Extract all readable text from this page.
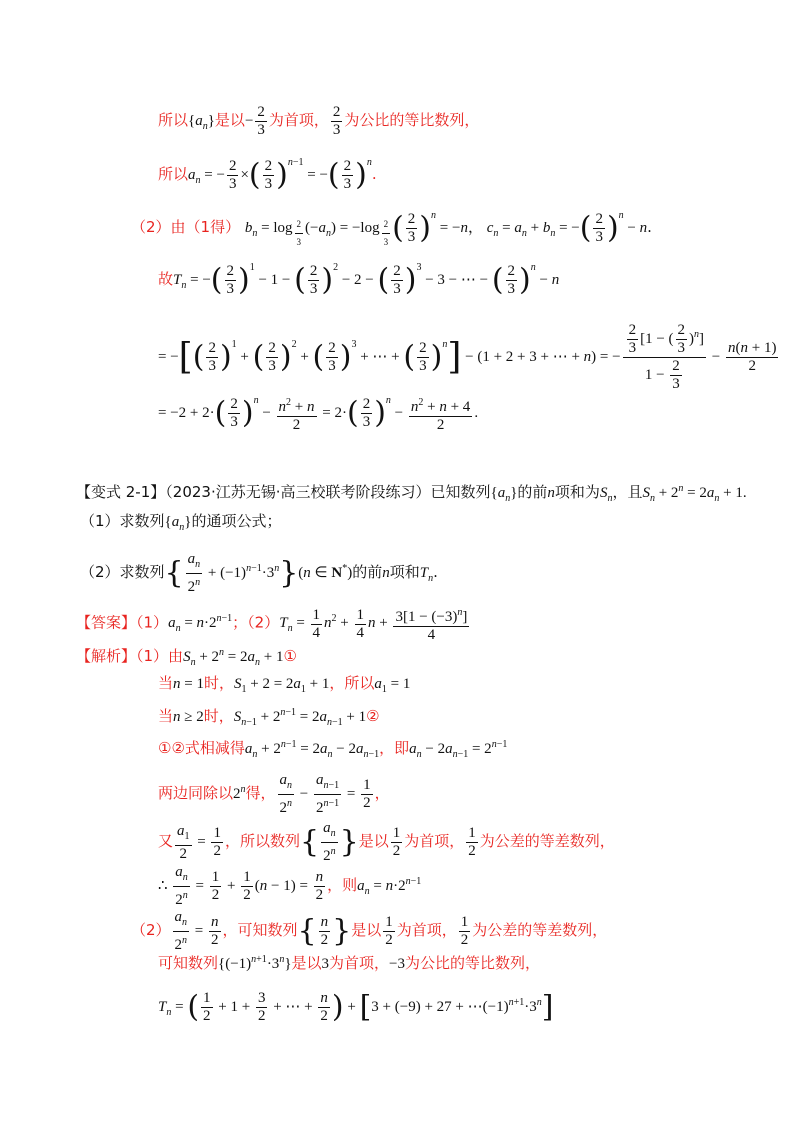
所以$\{a_n\}$是以− $\frac{2}{3}$ 为首项， $\frac{2}{3}$ 为公比的等比数列，
所以$a_n$ = − $\frac{2}{3}$ ×( $\frac{2}{3} )^{n-1}$ = −( $\frac{2}{3} )^n$.
（2）由（1得） $b_n = \log _{\frac{2}{3}}$ $(-a_n) = -\log$ $_{\frac{2}{3}}$ ( $\frac{2}{3} )^n = -n$， $c_n = a_n + b_n$ = −( $\frac{2}{3} )^n - n$.
故$T_n$ = −( $\frac{2}{3} )^1 - 1$ − ( $\frac{2}{3} )^2 - 2$ − ( $\frac{2}{3} )^3 - 3$ − ⋯ − ( $\frac{2}{3} )^n - n$
= −[( $\frac{2}{3} )^1$ + ( $\frac{2}{3} )^2$ + ( $\frac{2}{3} )^3$ + ⋯ + ( $\frac{2}{3} )^n] - (1 + 2 + 3$ + ⋯ + n) = − $\frac{\frac{2}{3} [1 - ( \frac{2}{3} )^n]}{1 - \frac{2}{3}} - \frac{n(n + 1)}{2}$
= $-2 + 2\cdot( \frac{2}{3} )^n - \frac{n^2 + n}{2} = 2\cdot( \frac{2}{3} )^n - \frac{n^2 + n + 4}{2}$ .
【变式 2-1】（2023·江苏无锡·高三校联考阶段练习）已知数列$\{a_n\}$的前n项和为$S_n$，且$S_n + 2^n = 2a_n + 1$.
（1）求数列$\{a_n\}$的通项公式；
（2）求数列{ $\frac{a_n}{2^n} + (-1)^{n-1}\cdot 3^n\}(n$ ∈ N*)的前n项和$T_n$.
【答案】$(1)a_n = n\cdot 2^{n-1}$；$(2)T_n = \frac{1}{4} n^2 + \frac{1}{4}$ $n + \frac{3[1 - (-3)^n]}{4}$
【解析】（1）由$S_n + 2^n = 2a_n$ + 1①
当n = 1时，$S_1 + 2 = 2a_1 + 1$，所以$a_1 = 1$
当n ≥ 2时，$S_{n-1} + 2^{n-1} = 2a_{n-1}$ + 1②
①②式相减得$a_n + 2^{n-1} = 2a_n - 2a_{n-1}$，即$a_n - 2a_{n-1} = 2^{n-1}$
两边同除以2$^n$得， $\frac{a_n}{2^n} - \frac{a_{n-1}}{2^{n-1}} = \frac{1}{2}$ ，
又 $\frac{a_1}{2} = \frac{1}{2}$ ，所以数列{ $\frac{a_n}{2^n}$ }是以 $\frac{1}{2}$ 为首项， $\frac{1}{2}$ 为公差的等差数列，
∴ $\frac{a_n}{2^n} = \frac{1}{2} + \frac{1}{2} (n - 1) = \frac{n}{2}$ ，则$a_n = n\cdot 2^{n-1}$
$(2) \frac{a_n}{2^n} = \frac{n}{2}$ ，可知数列{ $\frac{n}{2}$ }是以 $\frac{1}{2}$ 为首项， $\frac{1}{2}$ 为公差的等差数列，
可知数列$\{(-1)^{n+1}\cdot 3^n\}$是以3为首项，−3为公比的等比数列，
$T_n$ = ( $\frac{1}{2} + 1 + \frac{3}{2}$ + ⋯ + $\frac{n}{2}$ ) + $[3 + (-9) + 27 + \cdots(-1)^{n+1}\cdot 3^n]$
